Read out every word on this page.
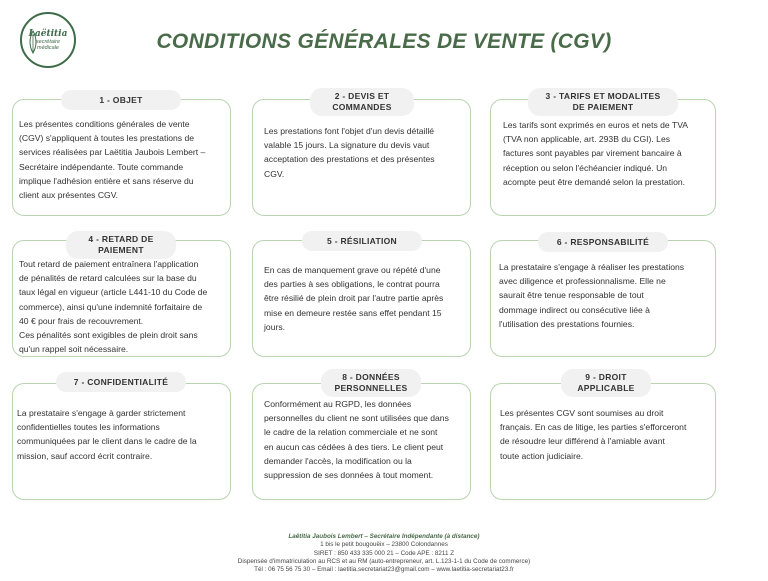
Laëtitia
secrétaire
médicale	CONDITIONS GÉNÉRALES DE VENTE (CGV)
1 - OBJET
Les présentes conditions générales de vente
(CGV) s'appliquent à toutes les prestations de
services réalisées par Laëtitia Jaubois Lembert –
Secrétaire indépendante. Toute commande
implique l'adhésion entière et sans réserve du
client aux présentes CGV.
2 - DEVIS ET
COMMANDES
Les prestations font l'objet d'un devis détaillé
valable 15 jours. La signature du devis vaut
acceptation des prestations et des présentes
CGV.
3 - TARIFS ET MODALITES
DE PAIEMENT
Les tarifs sont exprimés en euros et nets de TVA
(TVA non applicable, art. 293B du CGI). Les
factures sont payables par virement bancaire à
réception ou selon l'échéancier indiqué. Un
acompte peut être demandé selon la prestation.
4 - RETARD DE
PAIEMENT
Tout retard de paiement entraînera l'application
de pénalités de retard calculées sur la base du
taux légal en vigueur (article L441-10 du Code de
commerce), ainsi qu'une indemnité forfaitaire de
40 € pour frais de recouvrement.
Ces pénalités sont exigibles de plein droit sans
qu'un rappel soit nécessaire.
5 - RÉSILIATION
En cas de manquement grave ou répété d'une
des parties à ses obligations, le contrat pourra
être résilié de plein droit par l'autre partie après
mise en demeure restée sans effet pendant 15
jours.
6 - RESPONSABILITÉ
La prestataire s'engage à réaliser les prestations
avec diligence et professionnalisme. Elle ne
saurait être tenue responsable de tout
dommage indirect ou consécutive liée à
l'utilisation des prestations fournies.
7 - CONFIDENTIALITÉ
La prestataire s'engage à garder strictement
confidentielles toutes les informations
communiquées par le client dans le cadre de la
mission, sauf accord écrit contraire.
8 - DONNÉES
PERSONNELLES
Conformément au RGPD, les données
personnelles du client ne sont utilisées que dans
le cadre de la relation commerciale et ne sont
en aucun cas cédées à des tiers. Le client peut
demander l'accès, la modification ou la
suppression de ses données à tout moment.
9 - DROIT
APPLICABLE
Les présentes CGV sont soumises au droit
français. En cas de litige, les parties s'efforceront
de résoudre leur différend à l'amiable avant
toute action judiciaire.
Laëtitia Jaubois Lembert – Secrétaire Indépendante (à distance)
1 bis le petit bougouëix – 23800 Colondannes
SIRET : 850 433 335 000 21 – Code APE : 8211 Z
Dispensée d'immatriculation au RCS et au RM (auto-entrepreneur, art. L.123-1-1 du Code de commerce)
Tél : 06 75 56 75 30 – Email : laetitia.secretariat23@gmail.com – www.laetitia-secretariat23.fr
